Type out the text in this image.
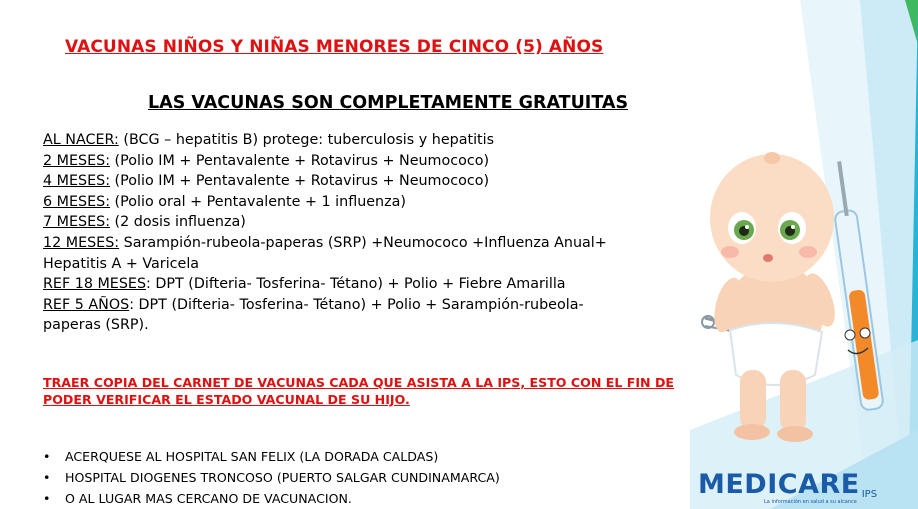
VACUNAS NIÑOS Y NIÑAS MENORES DE CINCO (5) AÑOS
LAS VACUNAS SON COMPLETAMENTE GRATUITAS
AL NACER: (BCG – hepatitis B) protege: tuberculosis y hepatitis
2 MESES: (Polio IM + Pentavalente + Rotavirus + Neumococo)
4 MESES: (Polio IM + Pentavalente + Rotavirus + Neumococo)
6 MESES: (Polio oral + Pentavalente + 1 influenza)
7 MESES: (2 dosis influenza)
12 MESES: Sarampión-rubeola-paperas (SRP) +Neumococo +Influenza Anual+
Hepatitis A + Varicela
REF 18 MESES: DPT (Difteria- Tosferina- Tétano) + Polio + Fiebre Amarilla
REF 5 AÑOS: DPT (Difteria- Tosferina- Tétano) + Polio + Sarampión-rubeola-
paperas (SRP).
TRAER COPIA DEL CARNET DE VACUNAS CADA QUE ASISTA A LA IPS, ESTO CON EL FIN DE PODER VERIFICAR EL ESTADO VACUNAL DE SU HIJO.
• ACERQUESE AL HOSPITAL SAN FELIX (LA DORADA CALDAS)
• HOSPITAL DIOGENES TRONCOSO (PUERTO SALGAR CUNDINAMARCA)
• O AL LUGAR MAS CERCANO DE VACUNACION.	MEDICARE IPS
La información en salud a su alcance
